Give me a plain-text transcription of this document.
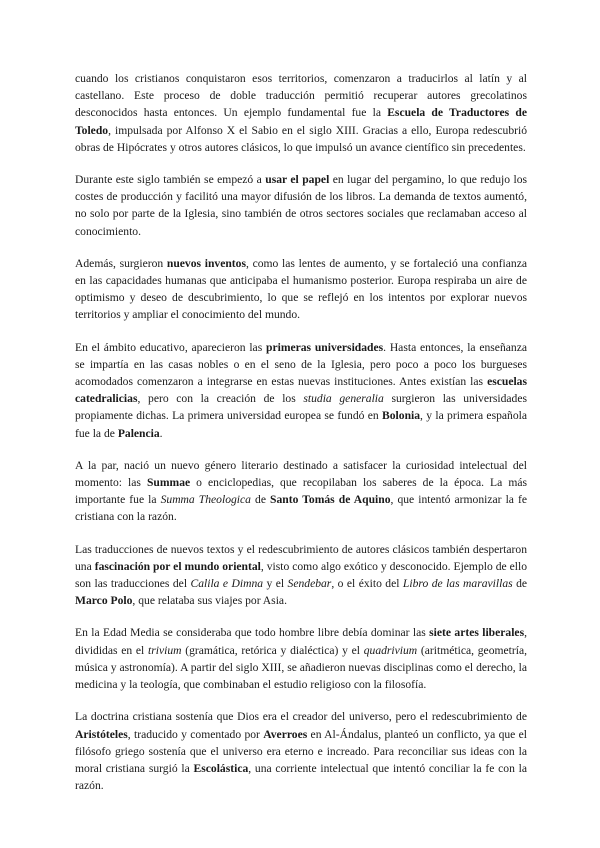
cuando los cristianos conquistaron esos territorios, comenzaron a traducirlos al latín y al castellano. Este proceso de doble traducción permitió recuperar autores grecolatinos desconocidos hasta entonces. Un ejemplo fundamental fue la Escuela de Traductores de Toledo, impulsada por Alfonso X el Sabio en el siglo XIII. Gracias a ello, Europa redescubrió obras de Hipócrates y otros autores clásicos, lo que impulsó un avance científico sin precedentes.

Durante este siglo también se empezó a usar el papel en lugar del pergamino, lo que redujo los costes de producción y facilitó una mayor difusión de los libros. La demanda de textos aumentó, no solo por parte de la Iglesia, sino también de otros sectores sociales que reclamaban acceso al conocimiento.

Además, surgieron nuevos inventos, como las lentes de aumento, y se fortaleció una confianza en las capacidades humanas que anticipaba el humanismo posterior. Europa respiraba un aire de optimismo y deseo de descubrimiento, lo que se reflejó en los intentos por explorar nuevos territorios y ampliar el conocimiento del mundo.

En el ámbito educativo, aparecieron las primeras universidades. Hasta entonces, la enseñanza se impartía en las casas nobles o en el seno de la Iglesia, pero poco a poco los burgueses acomodados comenzaron a integrarse en estas nuevas instituciones. Antes existían las escuelas catedralicias, pero con la creación de los studia generalia surgieron las universidades propiamente dichas. La primera universidad europea se fundó en Bolonia, y la primera española fue la de Palencia.

A la par, nació un nuevo género literario destinado a satisfacer la curiosidad intelectual del momento: las Summae o enciclopedias, que recopilaban los saberes de la época. La más importante fue la Summa Theologica de Santo Tomás de Aquino, que intentó armonizar la fe cristiana con la razón.

Las traducciones de nuevos textos y el redescubrimiento de autores clásicos también despertaron una fascinación por el mundo oriental, visto como algo exótico y desconocido. Ejemplo de ello son las traducciones del Calila e Dimna y el Sendebar, o el éxito del Libro de las maravillas de Marco Polo, que relataba sus viajes por Asia.

En la Edad Media se consideraba que todo hombre libre debía dominar las siete artes liberales, divididas en el trivium (gramática, retórica y dialéctica) y el quadrivium (aritmética, geometría, música y astronomía). A partir del siglo XIII, se añadieron nuevas disciplinas como el derecho, la medicina y la teología, que combinaban el estudio religioso con la filosofía.

La doctrina cristiana sostenía que Dios era el creador del universo, pero el redescubrimiento de Aristóteles, traducido y comentado por Averroes en Al-Ándalus, planteó un conflicto, ya que el filósofo griego sostenía que el universo era eterno e increado. Para reconciliar sus ideas con la moral cristiana surgió la Escolástica, una corriente intelectual que intentó conciliar la fe con la razón.
